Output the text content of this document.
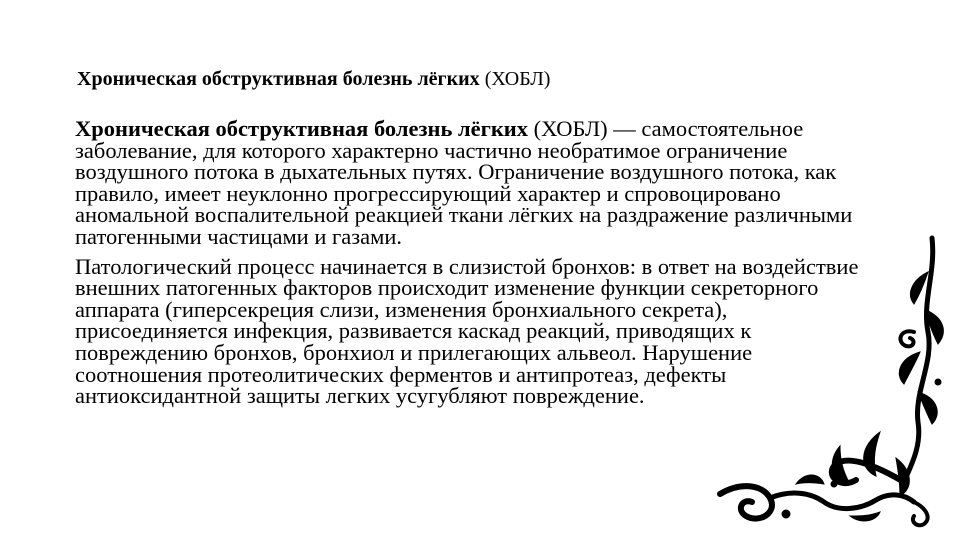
Хроническая обструктивная болезнь лёгких (ХОБЛ)

Хроническая обструктивная болезнь лёгких (ХОБЛ) — самостоятельное заболевание, для которого характерно частично необратимое ограничение воздушного потока в дыхательных путях. Ограничение воздушного потока, как правило, имеет неуклонно прогрессирующий характер и спровоцировано аномальной воспалительной реакцией ткани лёгких на раздражение различными патогенными частицами и газами.

Патологический процесс начинается в слизистой бронхов: в ответ на воздействие внешних патогенных факторов происходит изменение функции секреторного аппарата (гиперсекреция слизи, изменения бронхиального секрета), присоединяется инфекция, развивается каскад реакций, приводящих к повреждению бронхов, бронхиол и прилегающих альвеол. Нарушение соотношения протеолитических ферментов и антипротеаз, дефекты антиоксидантной защиты легких усугубляют повреждение.
